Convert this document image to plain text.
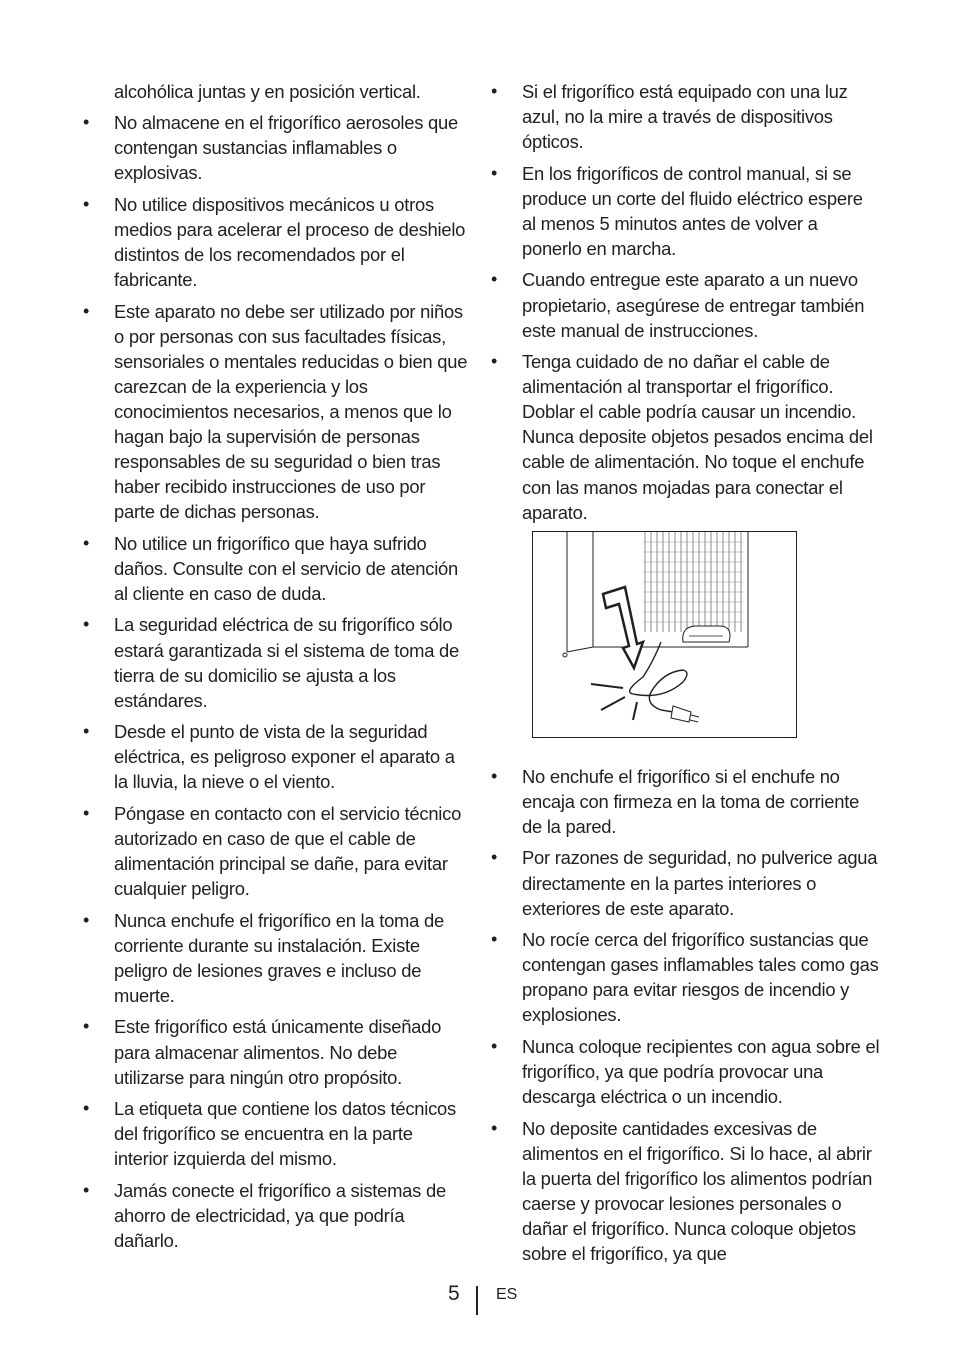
alcohólica juntas y en posición vertical.

• No almacene en el frigorífico aerosoles que contengan sustancias inflamables o explosivas.

• No utilice dispositivos mecánicos u otros medios para acelerar el proceso de deshielo distintos de los recomendados por el fabricante.

• Este aparato no debe ser utilizado por niños o por personas con sus facultades físicas, sensoriales o mentales reducidas o bien que carezcan de la experiencia y los conocimientos necesarios, a menos que lo hagan bajo la supervisión de personas responsables de su seguridad o bien tras haber recibido instrucciones de uso por parte de dichas personas.

• No utilice un frigorífico que haya sufrido daños. Consulte con el servicio de atención al cliente en caso de duda.

• La seguridad eléctrica de su frigorífico sólo estará garantizada si el sistema de toma de tierra de su domicilio se ajusta a los estándares.

• Desde el punto de vista de la seguridad eléctrica, es peligroso exponer el aparato a la lluvia, la nieve o el viento.

• Póngase en contacto con el servicio técnico autorizado en caso de que el cable de alimentación principal se dañe, para evitar cualquier peligro.

• Nunca enchufe el frigorífico en la toma de corriente durante su instalación. Existe peligro de lesiones graves e incluso de muerte.

• Este frigorífico está únicamente diseñado para almacenar alimentos. No debe utilizarse para ningún otro propósito.

• La etiqueta que contiene los datos técnicos del frigorífico se encuentra en la parte interior izquierda del mismo.

• Jamás conecte el frigorífico a sistemas de ahorro de electricidad, ya que podría dañarlo.

• Si el frigorífico está equipado con una luz azul, no la mire a través de dispositivos ópticos.

• En los frigoríficos de control manual, si se produce un corte del fluido eléctrico espere al menos 5 minutos antes de volver a ponerlo en marcha.

• Cuando entregue este aparato a un nuevo propietario, asegúrese de entregar también este manual de instrucciones.

• Tenga cuidado de no dañar el cable de alimentación al transportar el frigorífico. Doblar el cable podría causar un incendio. Nunca deposite objetos pesados encima del cable de alimentación. No toque el enchufe con las manos mojadas para conectar el aparato.

• No enchufe el frigorífico si el enchufe no encaja con firmeza en la toma de corriente de la pared.

• Por razones de seguridad, no pulverice agua directamente en la partes interiores o exteriores de este aparato.

• No rocíe cerca del frigorífico sustancias que contengan gases inflamables tales como gas propano para evitar riesgos de incendio y explosiones.

• Nunca coloque recipientes con agua sobre el frigorífico, ya que podría provocar una descarga eléctrica o un incendio.

• No deposite cantidades excesivas de alimentos en el frigorífico. Si lo hace, al abrir la puerta del frigorífico los alimentos podrían caerse y provocar lesiones personales o dañar el frigorífico. Nunca coloque objetos sobre el frigorífico, ya que

5 ES
